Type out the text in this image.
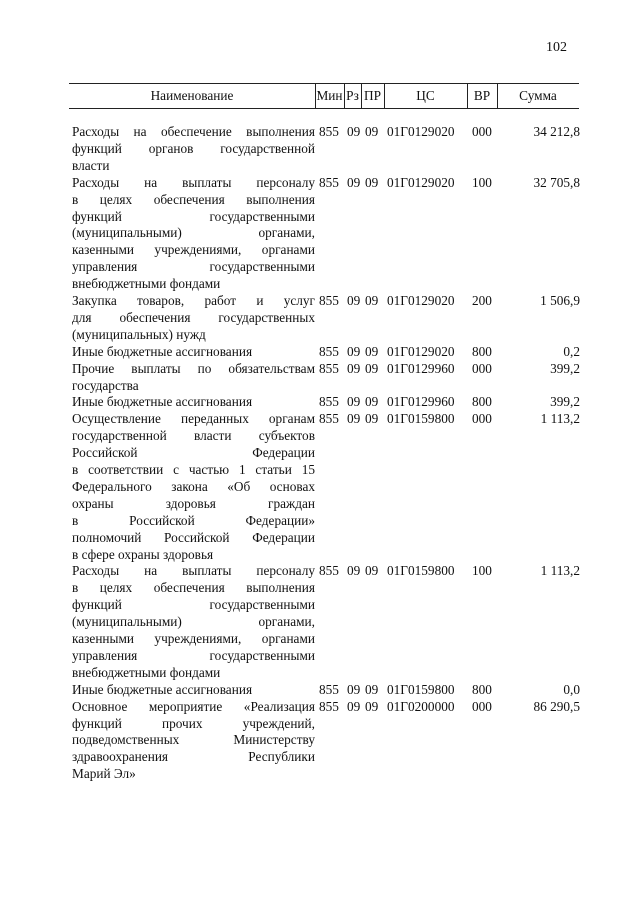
102
Наименование	Мин Рз ПР	ЦС	ВР	Сумма
Расходы на обеспечение выполнения
функций органов государственной
власти
855 09 09 01Г0129020 000	34 212,8
Расходы на выплаты персоналу
в целях обеспечения выполнения
функций государственными
(муниципальными) органами,
казенными учреждениями, органами
управления государственными
внебюджетными фондами
855 09 09 01Г0129020 100	32 705,8
Закупка товаров, работ и услуг
для обеспечения государственных
(муниципальных) нужд
855 09 09 01Г0129020 200	1 506,9
Иные бюджетные ассигнования	855 09 09 01Г0129020 800	0,2
Прочие выплаты по обязательствам
государства
855 09 09 01Г0129960 000	399,2
Иные бюджетные ассигнования	855 09 09 01Г0129960 800	399,2
Осуществление переданных органам
государственной власти субъектов
Российской Федерации
в соответствии с частью 1 статьи 15
Федерального закона «Об основах
охраны здоровья граждан
в Российской Федерации»
полномочий Российской Федерации
в сфере охраны здоровья
855 09 09 01Г0159800 000	1 113,2
Расходы на выплаты персоналу
в целях обеспечения выполнения
функций государственными
(муниципальными) органами,
казенными учреждениями, органами
управления государственными
внебюджетными фондами
855 09 09 01Г0159800 100	1 113,2
Иные бюджетные ассигнования	855 09 09 01Г0159800 800	0,0
Основное мероприятие «Реализация
функций прочих учреждений,
подведомственных Министерству
здравоохранения Республики
Марий Эл»
855 09 09 01Г0200000 000	86 290,5
